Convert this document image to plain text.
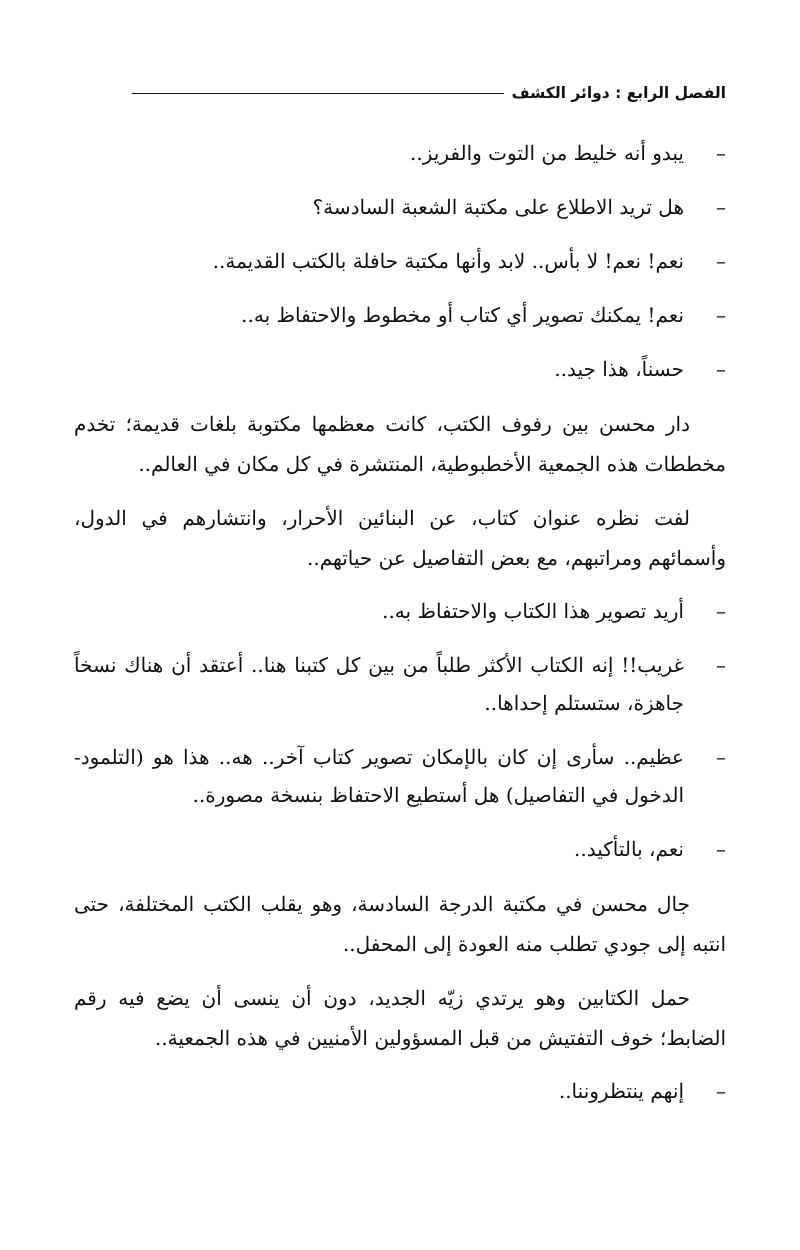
الفصل الرابع : دوائر الكشف
–
يبدو أنه خليط من التوت والفريز..
–
هل تريد الاطلاع على مكتبة الشعبة السادسة؟
–
نعم! نعم! لا بأس.. لابد وأنها مكتبة حافلة بالكتب القديمة..
–
نعم! يمكنك تصوير أي كتاب أو مخطوط والاحتفاظ به..
–
حسناً، هذا جيد..
دار محسن بين رفوف الكتب، كانت معظمها مكتوبة بلغات قديمة؛ تخدم مخططات هذه الجمعية الأخطبوطية، المنتشرة في كل مكان في العالم..
لفت نظره عنوان كتاب، عن البنائين الأحرار، وانتشارهم في الدول، وأسمائهم ومراتبهم، مع بعض التفاصيل عن حياتهم..
–
أريد تصوير هذا الكتاب والاحتفاظ به..
–
غريب!! إنه الكتاب الأكثر طلباً من بين كل كتبنا هنا.. أعتقد أن هناك نسخاً جاهزة، ستستلم إحداها..
–
عظيم.. سأرى إن كان بالإمكان تصوير كتاب آخر.. هه.. هذا هو (التلمود- الدخول في التفاصيل) هل أستطيع الاحتفاظ بنسخة مصورة..
–
نعم، بالتأكيد..
جال محسن في مكتبة الدرجة السادسة، وهو يقلب الكتب المختلفة، حتى انتبه إلى جودي تطلب منه العودة إلى المحفل..
حمل الكتابين وهو يرتدي زيّه الجديد، دون أن ينسى أن يضع فيه رقم الضابط؛ خوف التفتيش من قبل المسؤولين الأمنيين في هذه الجمعية..
–
إنهم ينتظروننا..
